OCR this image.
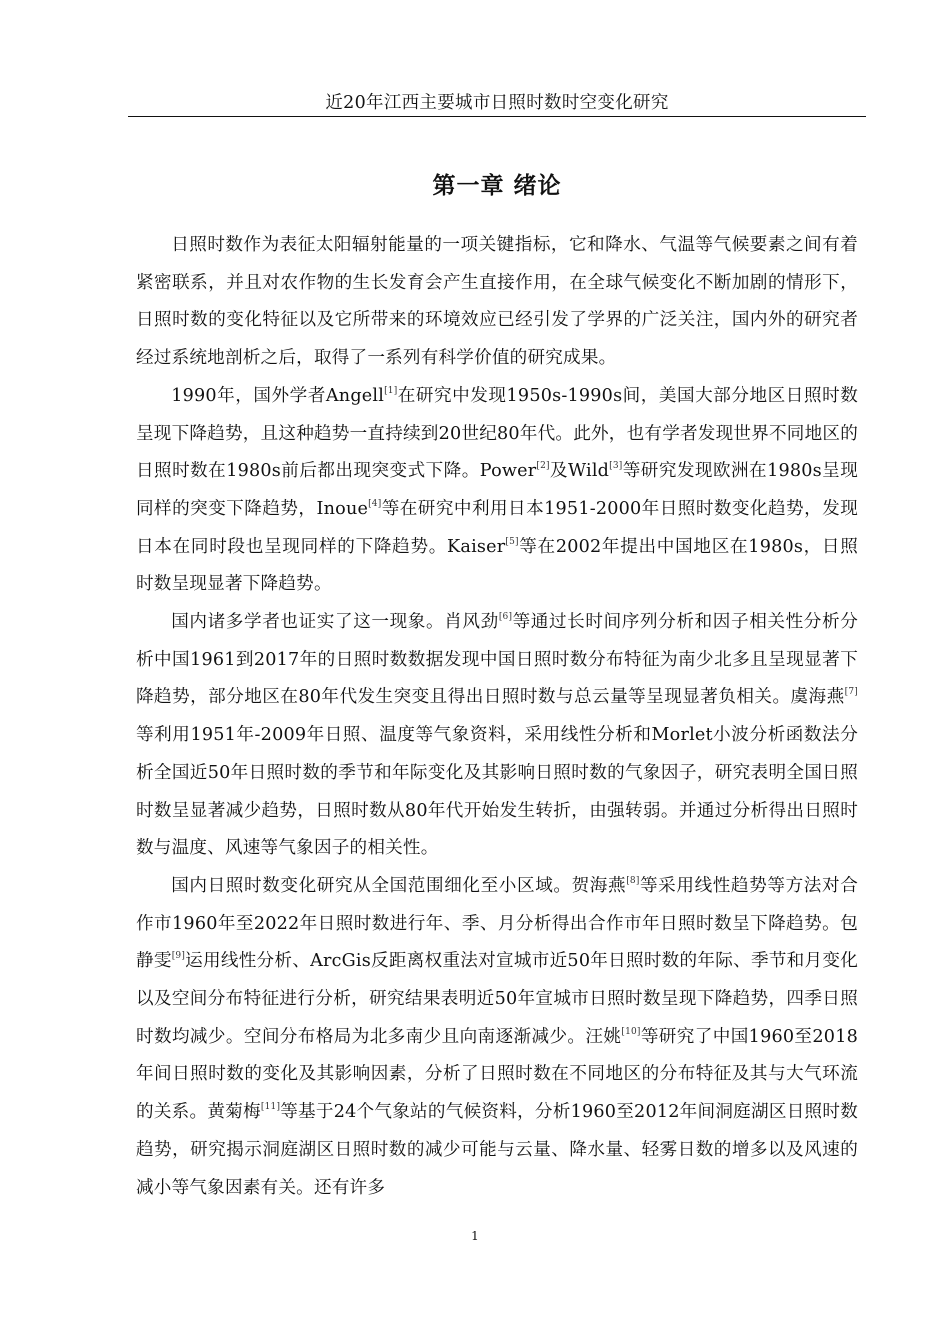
近20年江西主要城市日照时数时空变化研究
第一章 绪论

日照时数作为表征太阳辐射能量的一项关键指标，它和降水、气温等气候要素之间有着紧密联系，并且对农作物的生长发育会产生直接作用，在全球气候变化不断加剧的情形下，日照时数的变化特征以及它所带来的环境效应已经引发了学界的广泛关注，国内外的研究者经过系统地剖析之后，取得了一系列有科学价值的研究成果。

1990年，国外学者Angell[1]在研究中发现1950s-1990s间，美国大部分地区日照时数呈现下降趋势，且这种趋势一直持续到20世纪80年代。此外，也有学者发现世界不同地区的日照时数在1980s前后都出现突变式下降。Power[2]及Wild[3]等研究发现欧洲在1980s呈现同样的突变下降趋势，Inoue[4]等在研究中利用日本1951-2000年日照时数变化趋势，发现日本在同时段也呈现同样的下降趋势。Kaiser[5]等在2002年提出中国地区在1980s，日照时数呈现显著下降趋势。

国内诸多学者也证实了这一现象。肖风劲[6]等通过长时间序列分析和因子相关性分析分析中国1961到2017年的日照时数数据发现中国日照时数分布特征为南少北多且呈现显著下降趋势，部分地区在80年代发生突变且得出日照时数与总云量等呈现显著负相关。虞海燕[7]等利用1951年-2009年日照、温度等气象资料，采用线性分析和Morlet小波分析函数法分析全国近50年日照时数的季节和年际变化及其影响日照时数的气象因子，研究表明全国日照时数呈显著减少趋势，日照时数从80年代开始发生转折，由强转弱。并通过分析得出日照时数与温度、风速等气象因子的相关性。

国内日照时数变化研究从全国范围细化至小区域。贺海燕[8]等采用线性趋势等方法对合作市1960年至2022年日照时数进行年、季、月分析得出合作市年日照时数呈下降趋势。包静雯[9]运用线性分析、ArcGis反距离权重法对宣城市近50年日照时数的年际、季节和月变化以及空间分布特征进行分析，研究结果表明近50年宣城市日照时数呈现下降趋势，四季日照时数均减少。空间分布格局为北多南少且向南逐渐减少。汪姚[10]等研究了中国1960至2018年间日照时数的变化及其影响因素，分析了日照时数在不同地区的分布特征及其与大气环流的关系。黄菊梅[11]等基于24个气象站的气候资料，分析1960至2012年间洞庭湖区日照时数趋势，研究揭示洞庭湖区日照时数的减少可能与云量、降水量、轻雾日数的增多以及风速的减小等气象因素有关。还有许多

1
